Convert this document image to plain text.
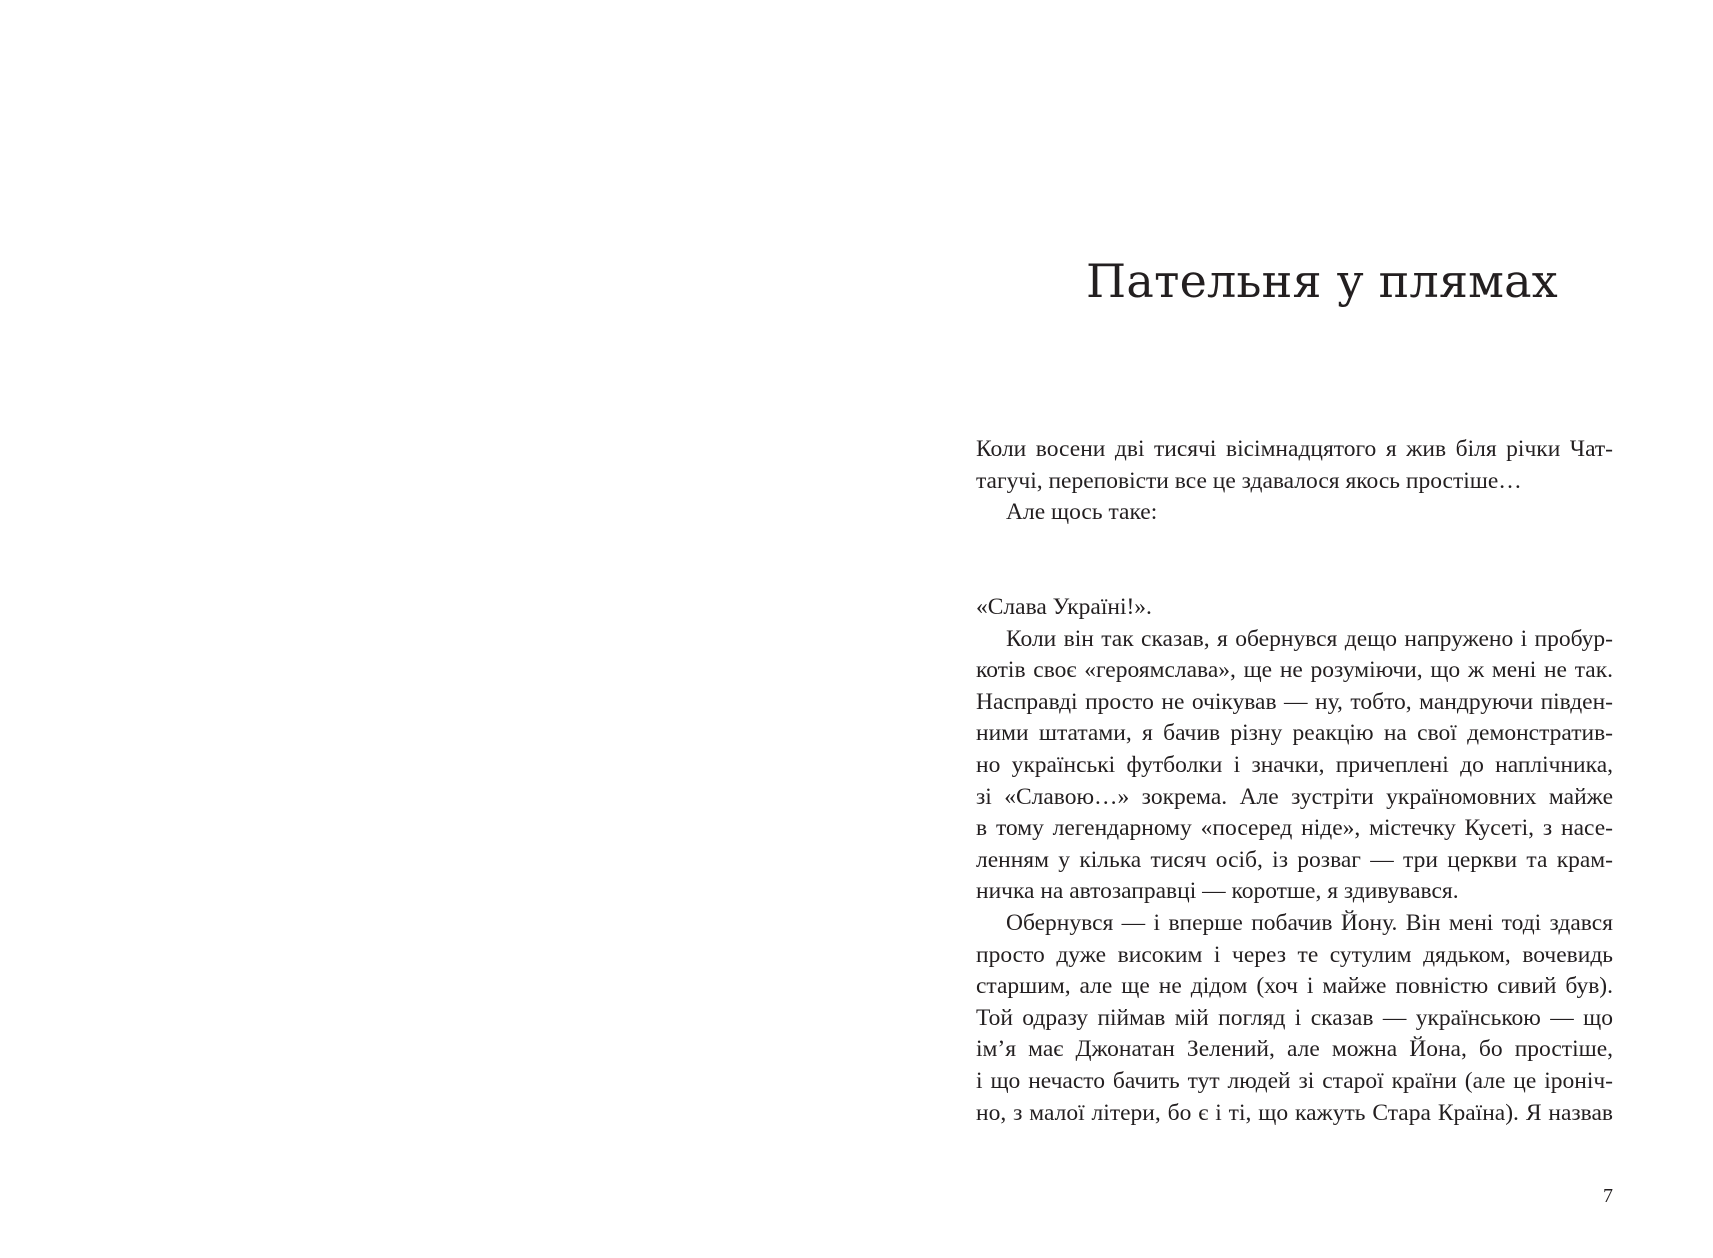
Пательня у плямах
Коли восени дві тисячі вісімнадцятого я жив біля річки Чат-
тагучі, переповісти все це здавалося якось простіше…
Але щось таке:
«Слава Україні!».
Коли він так сказав, я обернувся дещо напружено і пробур-
котів своє «героямслава», ще не розуміючи, що ж мені не так.
Насправді просто не очікував — ну, тобто, мандруючи півден-
ними штатами, я бачив різну реакцію на свої демонстратив-
но українські футболки і значки, причеплені до наплічника,
зі «Славою…» зокрема. Але зустріти україномовних майже
в тому легендарному «посеред ніде», містечку Кусеті, з насе-
ленням у кілька тисяч осіб, із розваг — три церкви та крам-
ничка на автозаправці — коротше, я здивувався.
Обернувся — і вперше побачив Йону. Він мені тоді здався
просто дуже високим і через те сутулим дядьком, вочевидь
старшим, але ще не дідом (хоч і майже повністю сивий був).
Той одразу піймав мій погляд і сказав — українською — що
ім’я має Джонатан Зелений, але можна Йона, бо простіше,
і що нечасто бачить тут людей зі старої країни (але це іроніч-
но, з малої літери, бо є і ті, що кажуть Стара Країна). Я назвав
7
